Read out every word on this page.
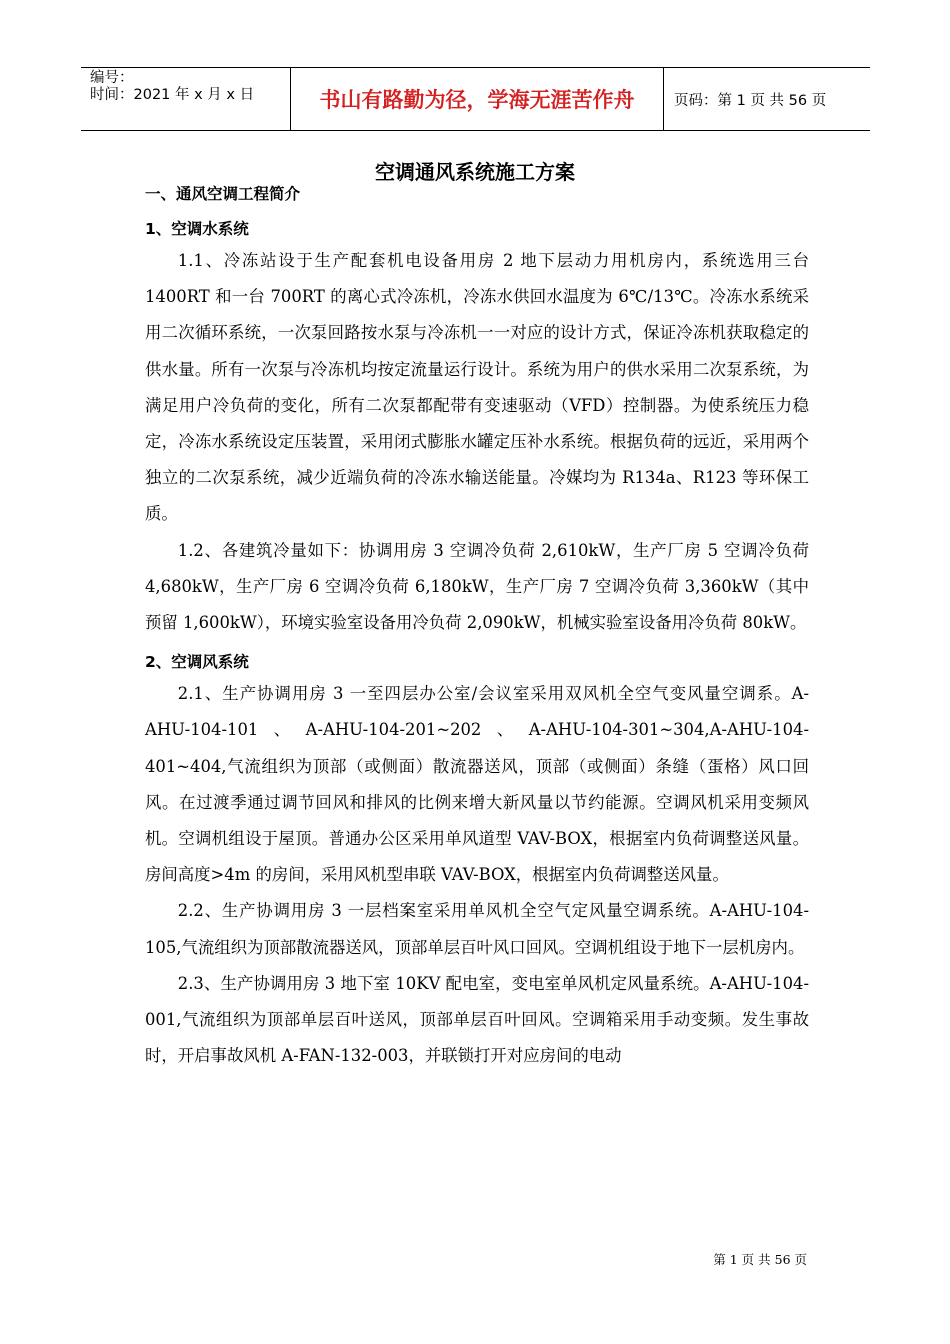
编号：
时间：2021 年 x 月 x 日	书山有路勤为径，学海无涯苦作舟	页码：第 1 页 共 56 页
空调通风系统施工方案

一、通风空调工程简介

1、空调水系统

1.1、冷冻站设于生产配套机电设备用房 2 地下层动力用机房内，系统选用三台 1400RT 和一台 700RT 的离心式冷冻机，冷冻水供回水温度为 6℃/13℃。冷冻水系统采用二次循环系统，一次泵回路按水泵与冷冻机一一对应的设计方式，保证冷冻机获取稳定的供水量。所有一次泵与冷冻机均按定流量运行设计。系统为用户的供水采用二次泵系统，为满足用户冷负荷的变化，所有二次泵都配带有变速驱动（VFD）控制器。为使系统压力稳定，冷冻水系统设定压装置，采用闭式膨胀水罐定压补水系统。根据负荷的远近，采用两个独立的二次泵系统，减少近端负荷的冷冻水输送能量。冷媒均为 R134a、R123 等环保工质。

1.2、各建筑冷量如下：协调用房 3 空调冷负荷 2,610kW，生产厂房 5 空调冷负荷 4,680kW，生产厂房 6 空调冷负荷 6,180kW，生产厂房 7 空调冷负荷 3,360kW（其中预留 1,600kW），环境实验室设备用冷负荷 2,090kW，机械实验室设备用冷负荷 80kW。

2、空调风系统

2.1、生产协调用房 3 一至四层办公室/会议室采用双风机全空气变风量空调系。A-AHU-104-101、A-AHU-104-201~202、A-AHU-104-301~304,A-AHU-104-401~404,气流组织为顶部（或侧面）散流器送风，顶部（或侧面）条缝（蛋格）风口回风。在过渡季通过调节回风和排风的比例来增大新风量以节约能源。空调风机采用变频风机。空调机组设于屋顶。普通办公区采用单风道型 VAV-BOX，根据室内负荷调整送风量。房间高度>4m 的房间，采用风机型串联 VAV-BOX，根据室内负荷调整送风量。

2.2、生产协调用房 3 一层档案室采用单风机全空气定风量空调系统。A-AHU-104-105,气流组织为顶部散流器送风，顶部单层百叶风口回风。空调机组设于地下一层机房内。

2.3、生产协调用房 3 地下室 10KV 配电室，变电室单风机定风量系统。A-AHU-104-001,气流组织为顶部单层百叶送风，顶部单层百叶回风。空调箱采用手动变频。发生事故时，开启事故风机 A-FAN-132-003，并联锁打开对应房间的电动

第 1 页 共 56 页
